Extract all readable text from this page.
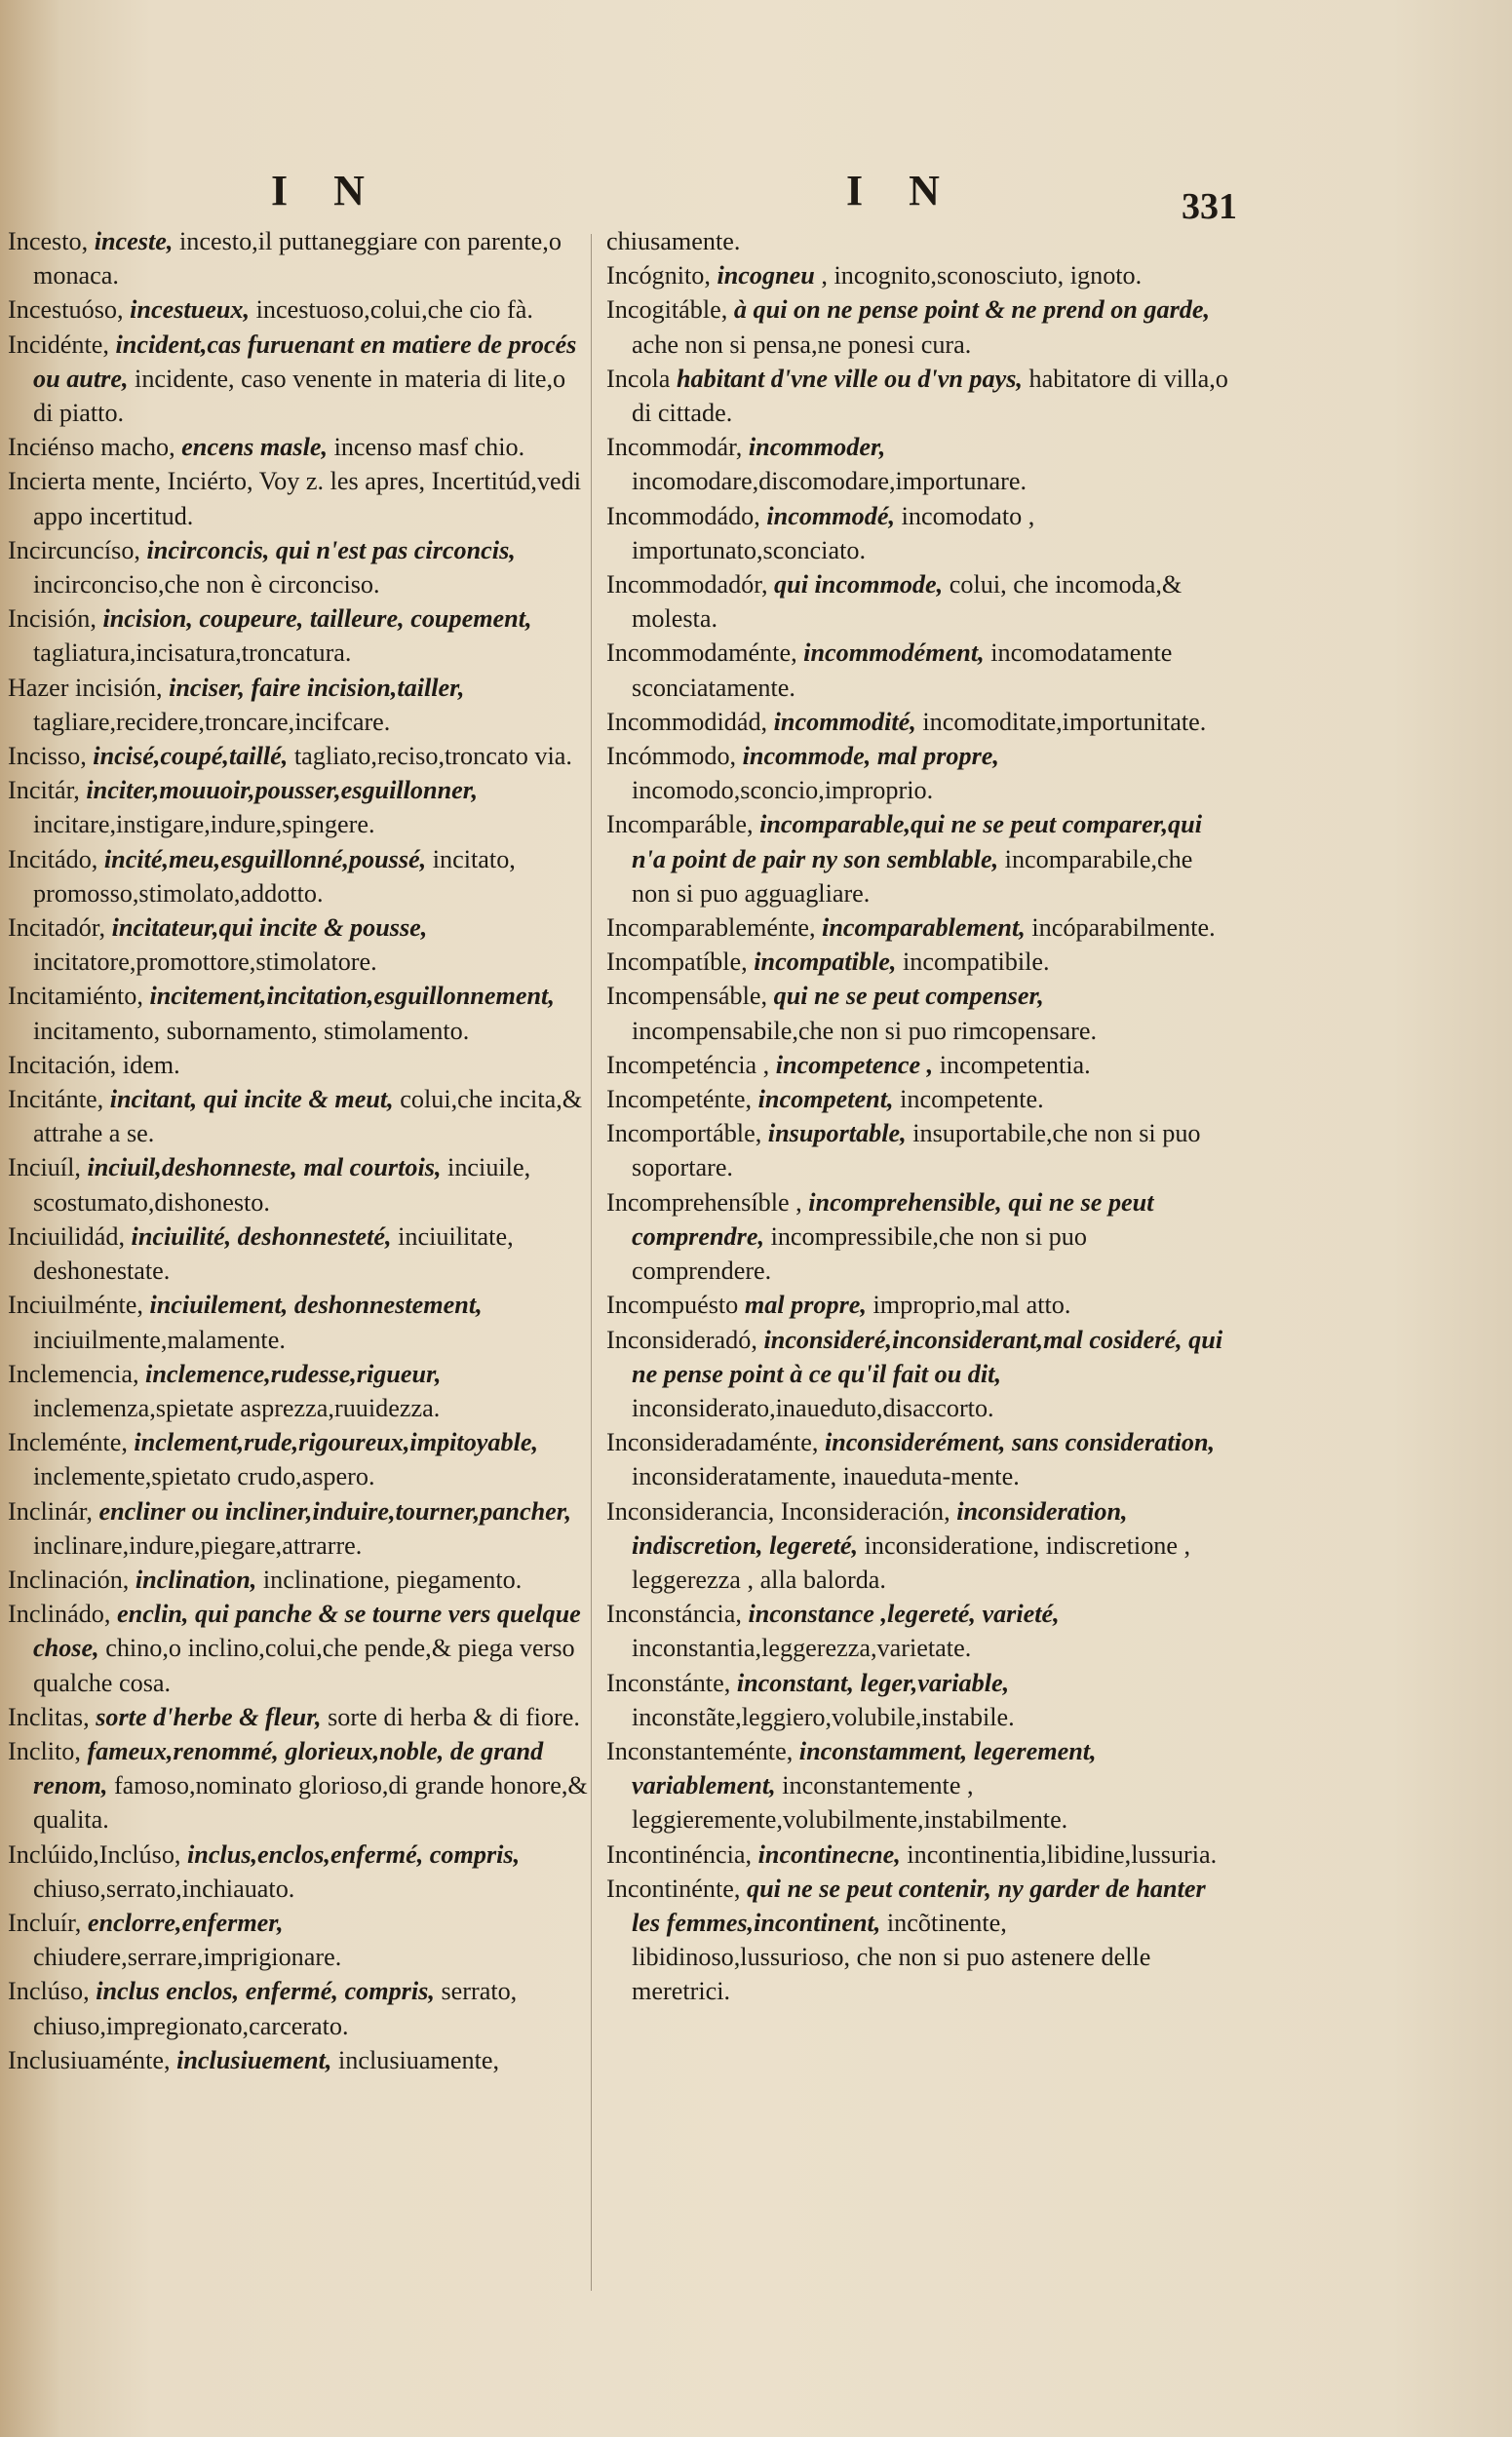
I N	I N	331

Incesto, inceste, incesto,il puttaneggiare con parente,o monaca.

Incestuóso, incestueux, incestuoso,colui,che cio fà.

Incidénte, incident,cas furuenant en matiere de procés ou autre, incidente, caso venente in materia di lite,o di piatto.

Inciénso macho, encens masle, incenso masf chio.

Incierta mente, Inciérto, Voy z. les apres, Incertitúd,vedi appo incertitud.

Incircuncíso, incirconcis, qui n'est pas circoncis, incirconciso,che non è circonciso.

Incisión, incision, coupeure, tailleure, coupement, tagliatura,incisatura,troncatura.

Hazer incisión, inciser, faire incision,tailler, tagliare,recidere,troncare,incifcare.

Incisso, incisé,coupé,taillé, tagliato,reciso,troncato via.

Incitár, inciter,mouuoir,pousser,esguillonner, incitare,instigare,indure,spingere.

Incitádo, incité,meu,esguillonné,poussé, incitato, promosso,stimolato,addotto.

Incitadór, incitateur,qui incite & pousse, incitatore,promottore,stimolatore.

Incitamiénto, incitement,incitation,esguillonnement, incitamento, subornamento, stimolamento.

Incitación, idem.

Incitánte, incitant, qui incite & meut, colui,che incita,& attrahe a se.

Inciuíl, inciuil,deshonneste, mal courtois, inciuile, scostumato,dishonesto.

Inciuilidád, inciuilité, deshonnesteté, inciuilitate, deshonestate.

Inciuilménte, inciuilement, deshonnestement, inciuilmente,malamente.

Inclemencia, inclemence,rudesse,rigueur, inclemenza,spietate asprezza,ruuidezza.

Incleménte, inclement,rude,rigoureux,impitoyable, inclemente,spietato crudo,aspero.

Inclinár, encliner ou incliner,induire,tourner,pancher, inclinare,indure,piegare,attrarre.

Inclinación, inclination, inclinatione, piegamento.

Inclinádo, enclin, qui panche & se tourne vers quelque chose, chino,o inclino,colui,che pende,& piega verso qualche cosa.

Inclitas, sorte d'herbe & fleur, sorte di herba & di fiore.

Inclito, fameux,renommé, glorieux,noble, de grand renom, famoso,nominato glorioso,di grande honore,& qualita.

Inclúido,Inclúso, inclus,enclos,enfermé, compris, chiuso,serrato,inchiauato.

Incluír, enclorre,enfermer, chiudere,serrare,imprigionare.

Inclúso, inclus enclos, enfermé, compris, serrato, chiuso,impregionato,carcerato.

Inclusiuaménte, inclusiuement, inclusiuamente,

chiusamente.

Incógnito, incogneu , incognito,sconosciuto, ignoto.

Incogitáble, à qui on ne pense point & ne prend on garde, ache non si pensa,ne ponesi cura.

Incola habitant d'vne ville ou d'vn pays, habitatore di villa,o di cittade.

Incommodár, incommoder, incomodare,discomodare,importunare.

Incommodádo, incommodé, incomodato , importunato,sconciato.

Incommodadór, qui incommode, colui, che incomoda,& molesta.

Incommodaménte, incommodément, incomodatamente sconciatamente.

Incommodidád, incommodité, incomoditate,importunitate.

Incómmodo, incommode, mal propre, incomodo,sconcio,improprio.

Incomparáble, incomparable,qui ne se peut comparer,qui n'a point de pair ny son semblable, incomparabile,che non si puo agguagliare.

Incomparableménte, incomparablement, incóparabilmente.

Incompatíble, incompatible, incompatibile.

Incompensáble, qui ne se peut compenser, incompensabile,che non si puo rimcopensare.

Incompeténcia , incompetence , incompetentia.

Incompeténte, incompetent, incompetente.

Incomportáble, insuportable, insuportabile,che non si puo soportare.

Incomprehensíble , incomprehensible, qui ne se peut comprendre, incompressibile,che non si puo comprendere.

Incompuésto mal propre, improprio,mal atto.

Inconsideradó, inconsideré,inconsiderant,mal cosideré, qui ne pense point à ce qu'il fait ou dit, inconsiderato,inaueduto,disaccorto.

Inconsideradaménte, inconsiderément, sans consideration, inconsideratamente, inaueduta-mente.

Inconsiderancia, Inconsideración, inconsideration, indiscretion, legereté, inconsideratione, indiscretione , leggerezza , alla balorda.

Inconstáncia, inconstance ,legereté, varieté, inconstantia,leggerezza,varietate.

Inconstánte, inconstant, leger,variable, inconstãte,leggiero,volubile,instabile.

Inconstanteménte, inconstamment, legerement, variablement, inconstantemente , leggieremente,volubilmente,instabilmente.

Incontinéncia, incontinecne, incontinentia,libidine,lussuria.

Incontinénte, qui ne se peut contenir, ny garder de hanter les femmes,incontinent, incõtinente, libidinoso,lussurioso, che non si puo astenere delle meretrici.
